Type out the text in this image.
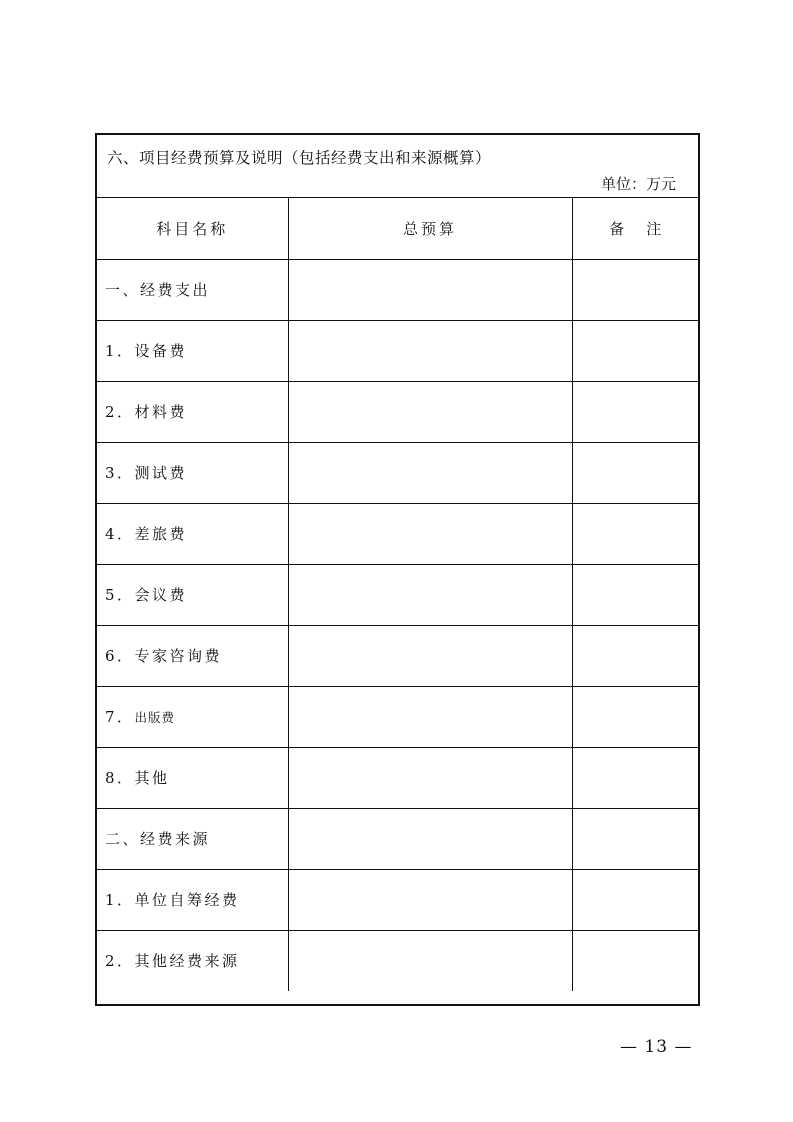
六、项目经费预算及说明（包括经费支出和来源概算）
单位：万元
科目名称	总预算	备注
一、经费支出		
1．设备费		
2．材料费		
3．测试费		
4．差旅费		
5．会议费		
6．专家咨询费		
7．出版费		
8．其他		
二、经费来源		
1．单位自筹经费		
2．其他经费来源		
— 13 —
